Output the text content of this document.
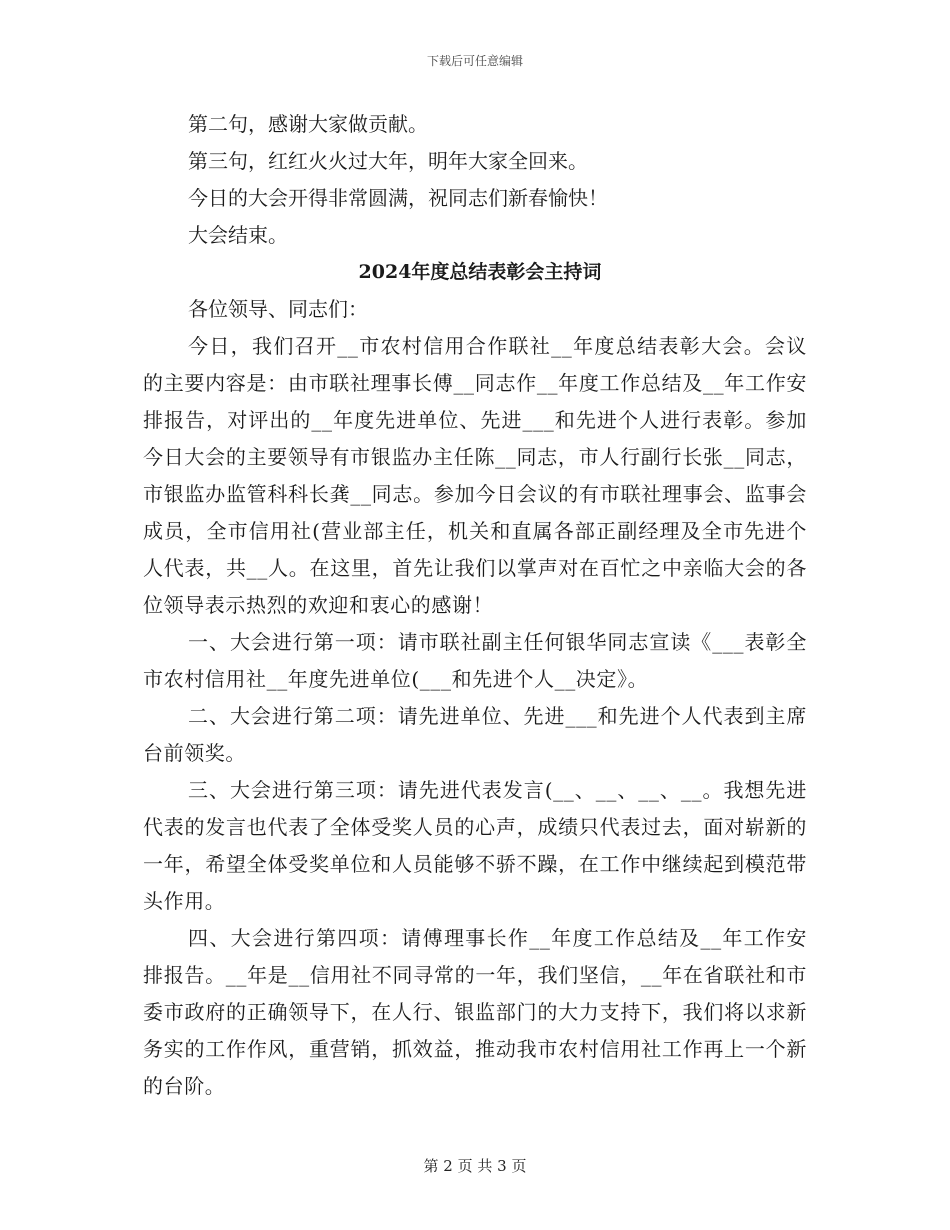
下载后可任意编辑

第二句，感谢大家做贡献。

第三句，红红火火过大年，明年大家全回来。

今日的大会开得非常圆满，祝同志们新春愉快！

大会结束。

2024年度总结表彰会主持词

各位领导、同志们：

今日，我们召开__市农村信用合作联社__年度总结表彰大会。会议的主要内容是：由市联社理事长傅__同志作__年度工作总结及__年工作安排报告，对评出的__年度先进单位、先进___和先进个人进行表彰。参加今日大会的主要领导有市银监办主任陈__同志，市人行副行长张__同志，市银监办监管科科长龚__同志。参加今日会议的有市联社理事会、监事会成员，全市信用社(营业部主任，机关和直属各部正副经理及全市先进个人代表，共__人。在这里，首先让我们以掌声对在百忙之中亲临大会的各位领导表示热烈的欢迎和衷心的感谢！

一、大会进行第一项：请市联社副主任何银华同志宣读《___表彰全市农村信用社__年度先进单位(___和先进个人__决定》。

二、大会进行第二项：请先进单位、先进___和先进个人代表到主席台前领奖。

三、大会进行第三项：请先进代表发言(__、__、__、__。我想先进代表的发言也代表了全体受奖人员的心声，成绩只代表过去，面对崭新的一年，希望全体受奖单位和人员能够不骄不躁，在工作中继续起到模范带头作用。

四、大会进行第四项：请傅理事长作__年度工作总结及__年工作安排报告。__年是__信用社不同寻常的一年，我们坚信，__年在省联社和市委市政府的正确领导下，在人行、银监部门的大力支持下，我们将以求新务实的工作作风，重营销，抓效益，推动我市农村信用社工作再上一个新的台阶。

第 2 页 共 3 页
